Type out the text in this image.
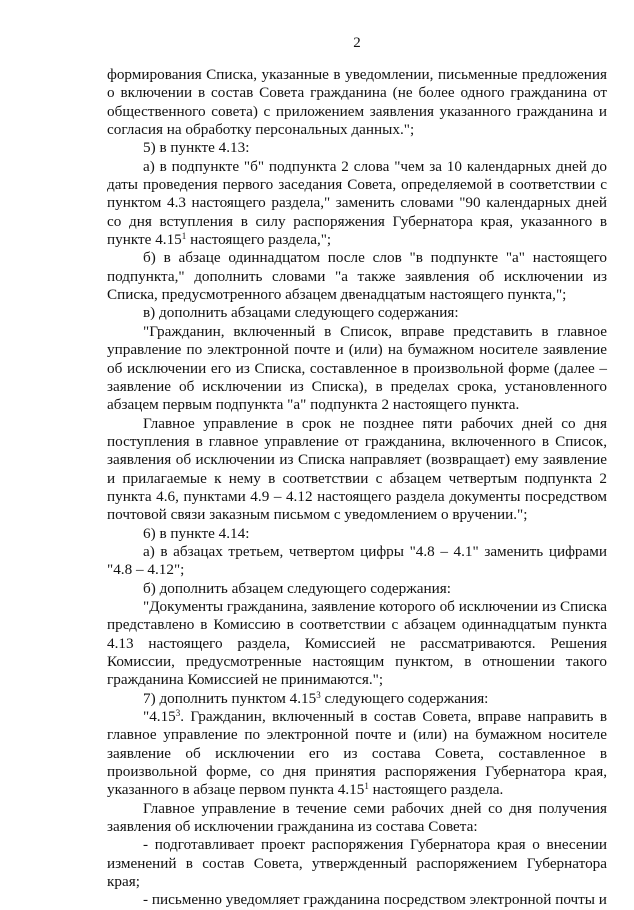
2

формирования Списка, указанные в уведомлении, письменные предложения о включении в состав Совета гражданина (не более одного гражданина от общественного совета) с приложением заявления указанного гражданина и согласия на обработку персональных данных.";

5) в пункте 4.13:

а) в подпункте "б" подпункта 2 слова "чем за 10 календарных дней до даты проведения первого заседания Совета, определяемой в соответствии с пунктом 4.3 настоящего раздела," заменить словами "90 календарных дней со дня вступления в силу распоряжения Губернатора края, указанного в пункте 4.15$^1$ настоящего раздела,";

б) в абзаце одиннадцатом после слов "в подпункте "а" настоящего подпункта," дополнить словами "а также заявления об исключении из Списка, предусмотренного абзацем двенадцатым настоящего пункта,";

в) дополнить абзацами следующего содержания:

"Гражданин, включенный в Список, вправе представить в главное управление по электронной почте и (или) на бумажном носителе заявление об исключении его из Списка, составленное в произвольной форме (далее – заявление об исключении из Списка), в пределах срока, установленного абзацем первым подпункта "а" подпункта 2 настоящего пункта.

Главное управление в срок не позднее пяти рабочих дней со дня поступления в главное управление от гражданина, включенного в Список, заявления об исключении из Списка направляет (возвращает) ему заявление и прилагаемые к нему в соответствии с абзацем четвертым подпункта 2 пункта 4.6, пунктами 4.9 – 4.12 настоящего раздела документы посредством почтовой связи заказным письмом с уведомлением о вручении.";

6) в пункте 4.14:

а) в абзацах третьем, четвертом цифры "4.8 – 4.1" заменить цифрами "4.8 – 4.12";

б) дополнить абзацем следующего содержания:

"Документы гражданина, заявление которого об исключении из Списка представлено в Комиссию в соответствии с абзацем одиннадцатым пункта 4.13 настоящего раздела, Комиссией не рассматриваются. Решения Комиссии, предусмотренные настоящим пунктом, в отношении такого гражданина Комиссией не принимаются.";

7) дополнить пунктом 4.15$^3$ следующего содержания:

"4.15$^3$. Гражданин, включенный в состав Совета, вправе направить в главное управление по электронной почте и (или) на бумажном носителе заявление об исключении его из состава Совета, составленное в произвольной форме, со дня принятия распоряжения Губернатора края, указанного в абзаце первом пункта 4.15$^1$ настоящего раздела.

Главное управление в течение семи рабочих дней со дня получения заявления об исключении гражданина из состава Совета:

- подготавливает проект распоряжения Губернатора края о внесении изменений в состав Совета, утвержденный распоряжением Губернатора края;

- письменно уведомляет гражданина посредством электронной почты и
